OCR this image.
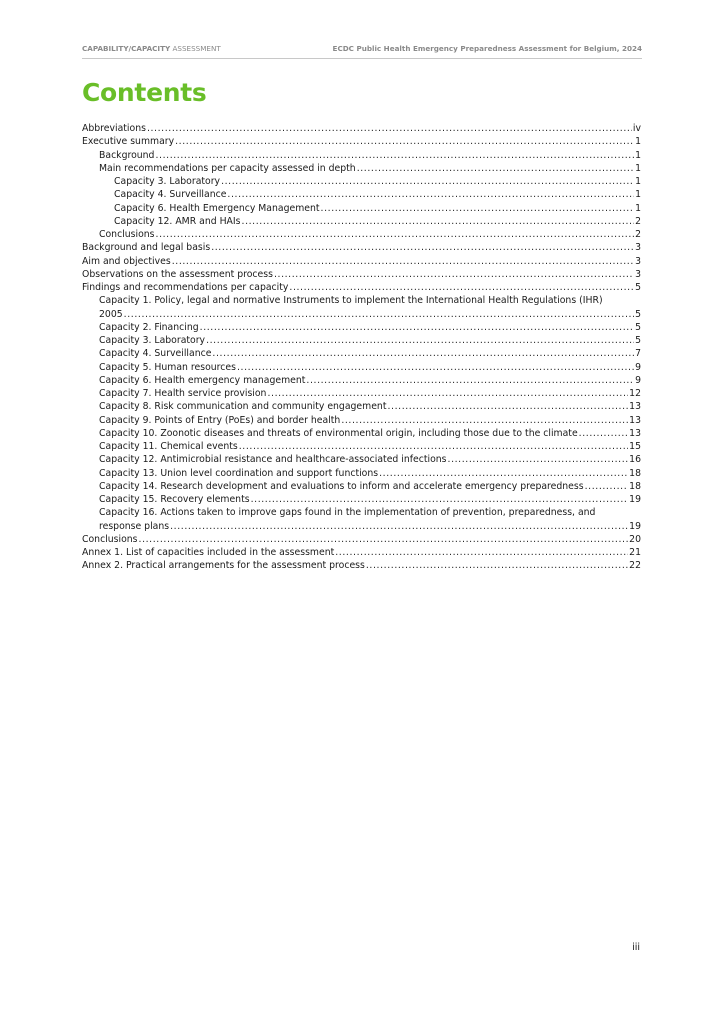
CAPABILITY/CAPACITY ASSESSMENT	ECDC Public Health Emergency Preparedness Assessment for Belgium, 2024
Contents
Abbreviations .....	iv
Executive summary .....	1
Background .....	1
Main recommendations per capacity assessed in depth .....	1
Capacity 3. Laboratory .....	1
Capacity 4. Surveillance .....	1
Capacity 6. Health Emergency Management .....	1
Capacity 12. AMR and HAIs .....	2
Conclusions .....	2
Background and legal basis .....	3
Aim and objectives .....	3
Observations on the assessment process .....	3
Findings and recommendations per capacity .....	5
Capacity 1. Policy, legal and normative Instruments to implement the International Health Regulations (IHR)
2005 .....	5
Capacity 2. Financing .....	5
Capacity 3. Laboratory .....	5
Capacity 4. Surveillance .....	7
Capacity 5. Human resources .....	9
Capacity 6. Health emergency management .....	9
Capacity 7. Health service provision .....	12
Capacity 8. Risk communication and community engagement .....	13
Capacity 9. Points of Entry (PoEs) and border health .....	13
Capacity 10. Zoonotic diseases and threats of environmental origin, including those due to the climate .....	13
Capacity 11. Chemical events .....	15
Capacity 12. Antimicrobial resistance and healthcare-associated infections .....	16
Capacity 13. Union level coordination and support functions .....	18
Capacity 14. Research development and evaluations to inform and accelerate emergency preparedness .....	18
Capacity 15. Recovery elements .....	19
Capacity 16. Actions taken to improve gaps found in the implementation of prevention, preparedness, and
response plans .....	19
Conclusions .....	20
Annex 1. List of capacities included in the assessment .....	21
Annex 2. Practical arrangements for the assessment process .....	22
iii
